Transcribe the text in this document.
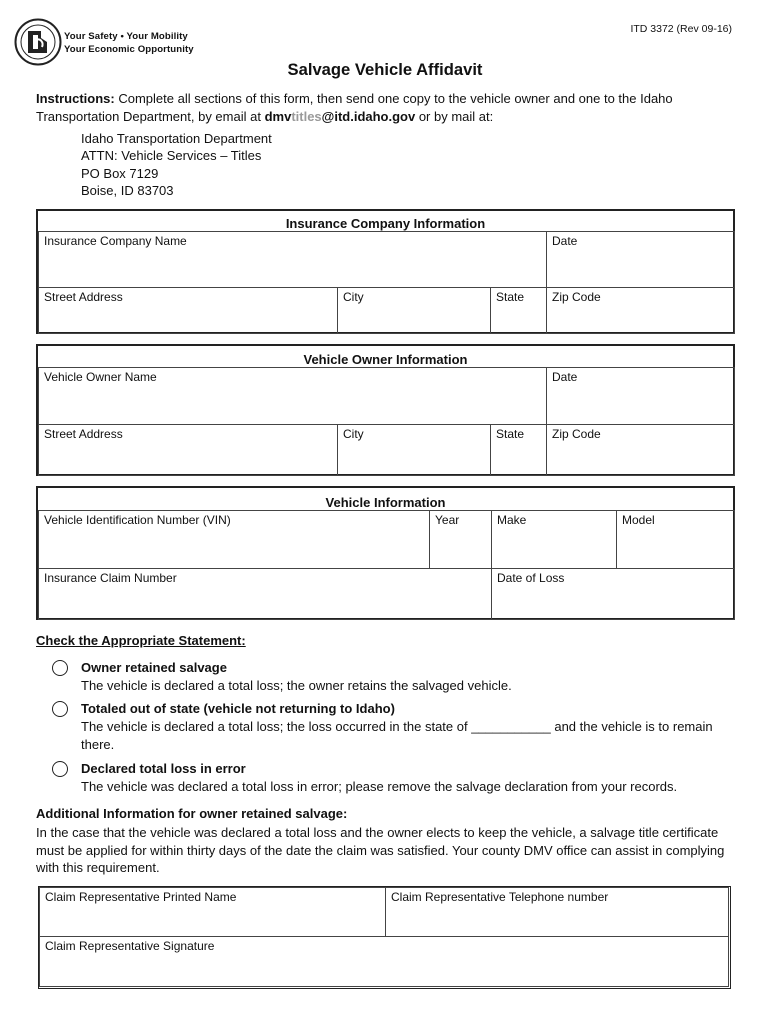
Your Safety • Your Mobility
Your Economic Opportunity
ITD 3372 (Rev 09-16)
Salvage Vehicle Affidavit
Instructions: Complete all sections of this form, then send one copy to the vehicle owner and one to the Idaho Transportation Department, by email at dmvtitles@itd.idaho.gov or by mail at:
Idaho Transportation Department
ATTN: Vehicle Services – Titles
PO Box 7129
Boise, ID 83703
Insurance Company Information
Insurance Company Name	Date
Street Address	City	State	Zip Code
Vehicle Owner Information
Vehicle Owner Name	Date
Street Address	City	State	Zip Code
Vehicle Information
Vehicle Identification Number (VIN)	Year	Make	Model
Insurance Claim Number	Date of Loss
Check the Appropriate Statement:
Owner retained salvage
The vehicle is declared a total loss; the owner retains the salvaged vehicle.
Totaled out of state (vehicle not returning to Idaho)
The vehicle is declared a total loss; the loss occurred in the state of ___________ and the vehicle is to remain there.
Declared total loss in error
The vehicle was declared a total loss in error; please remove the salvage declaration from your records.
Additional Information for owner retained salvage:
In the case that the vehicle was declared a total loss and the owner elects to keep the vehicle, a salvage title certificate must be applied for within thirty days of the date the claim was satisfied. Your county DMV office can assist in complying with this requirement.
Claim Representative Printed Name	Claim Representative Telephone number
Claim Representative Signature
